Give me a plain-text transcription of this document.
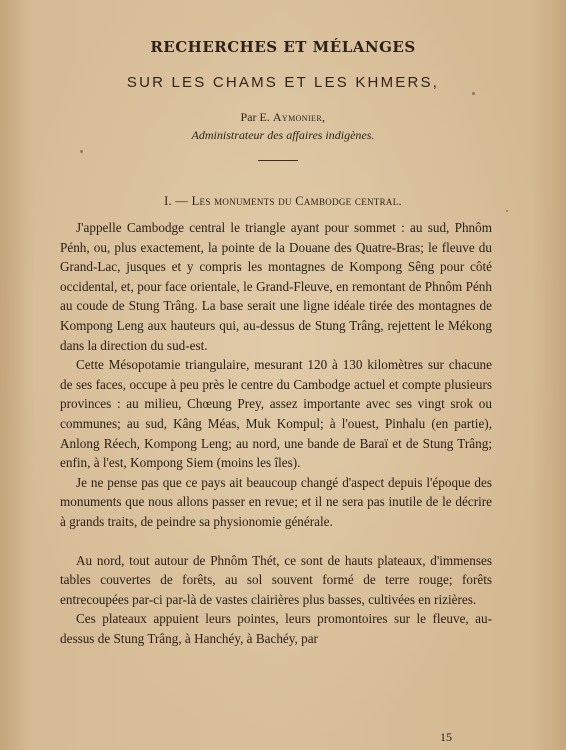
RECHERCHES ET MÉLANGES
SUR LES CHAMS ET LES KHMERS,
Par E. Aymonier,
Administrateur des affaires indigènes.
I. — Les monuments du Cambodge central.

J'appelle Cambodge central le triangle ayant pour sommet : au sud, Phnôm Pénh, ou, plus exactement, la pointe de la Douane des Quatre-Bras; le fleuve du Grand-Lac, jusques et y compris les montagnes de Kompong Sêng pour côté occidental, et, pour face orientale, le Grand-Fleuve, en remontant de Phnôm Pénh au coude de Stung Trâng. La base serait une ligne idéale tirée des montagnes de Kompong Leng aux hauteurs qui, au-dessus de Stung Trâng, rejettent le Mékong dans la direction du sud-est.

Cette Mésopotamie triangulaire, mesurant 120 à 130 kilomètres sur chacune de ses faces, occupe à peu près le centre du Cambodge actuel et compte plusieurs provinces : au milieu, Chœung Prey, assez importante avec ses vingt srok ou communes; au sud, Kâng Méas, Muk Kompul; à l'ouest, Pinhalu (en partie), Anlong Réech, Kompong Leng; au nord, une bande de Baraï et de Stung Trâng; enfin, à l'est, Kompong Siem (moins les îles).

Je ne pense pas que ce pays ait beaucoup changé d'aspect depuis l'époque des monuments que nous allons passer en revue; et il ne sera pas inutile de le décrire à grands traits, de peindre sa physionomie générale.

Au nord, tout autour de Phnôm Thét, ce sont de hauts plateaux, d'immenses tables couvertes de forêts, au sol souvent formé de terre rouge; forêts entrecoupées par-ci par-là de vastes clairières plus basses, cultivées en rizières.

Ces plateaux appuient leurs pointes, leurs promontoires sur le fleuve, au-dessus de Stung Trâng, à Hanchéy, à Bachéy, par

15
